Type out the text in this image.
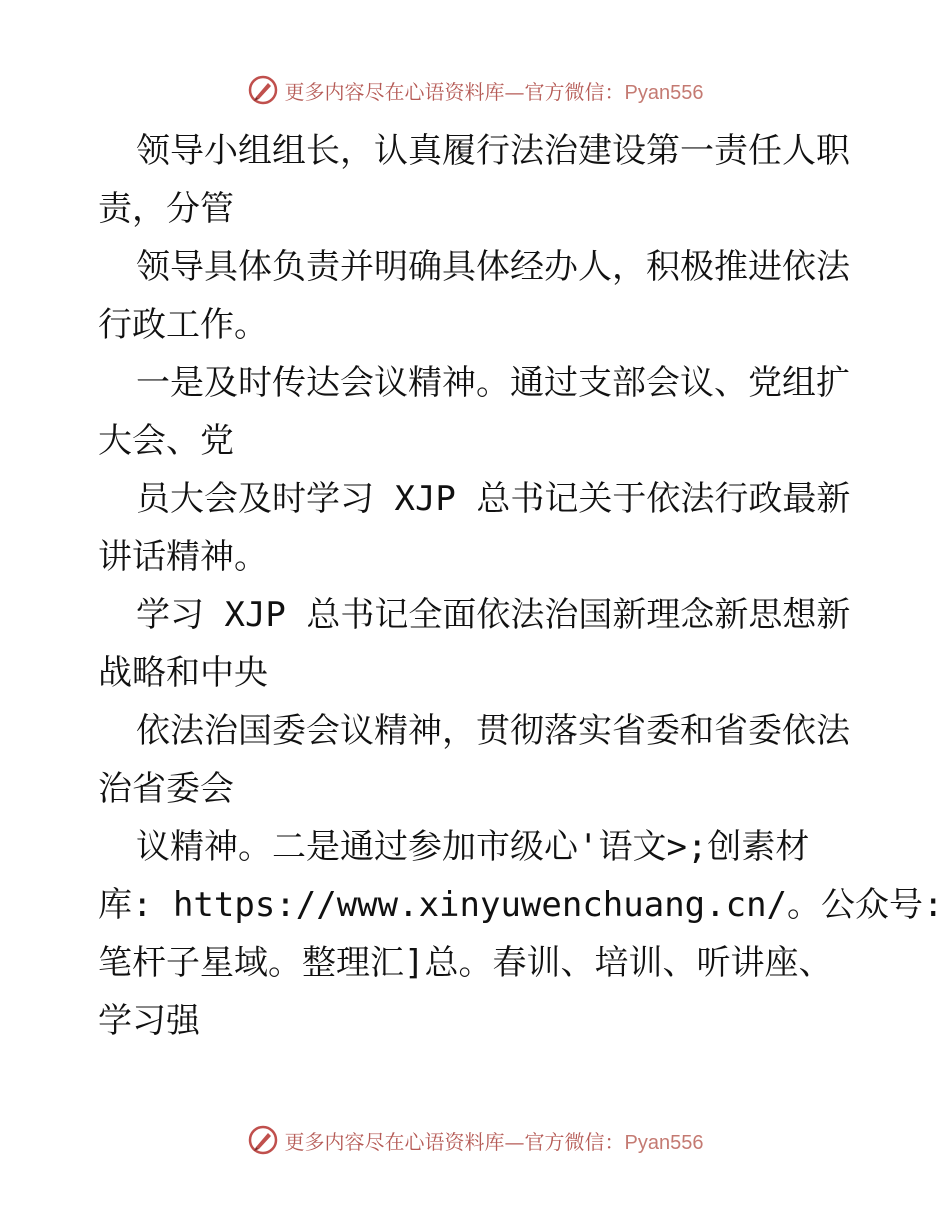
更多内容尽在心语资料库—官方微信：Pyan556
领导小组组长，认真履行法治建设第一责任人职
责，分管
领导具体负责并明确具体经办人，积极推进依法
行政工作。
一是及时传达会议精神。通过支部会议、党组扩
大会、党
员大会及时学习 XJP 总书记关于依法行政最新
讲话精神。
学习 XJP 总书记全面依法治国新理念新思想新
战略和中央
依法治国委会议精神，贯彻落实省委和省委依法
治省委会
议精神。二是通过参加市级心'语文>;创素材
库: https://www.xinyuwenchuang.cn/。公众号:
笔杆子星域。整理汇]总。春训、培训、听讲座、
学习强
更多内容尽在心语资料库—官方微信：Pyan556
